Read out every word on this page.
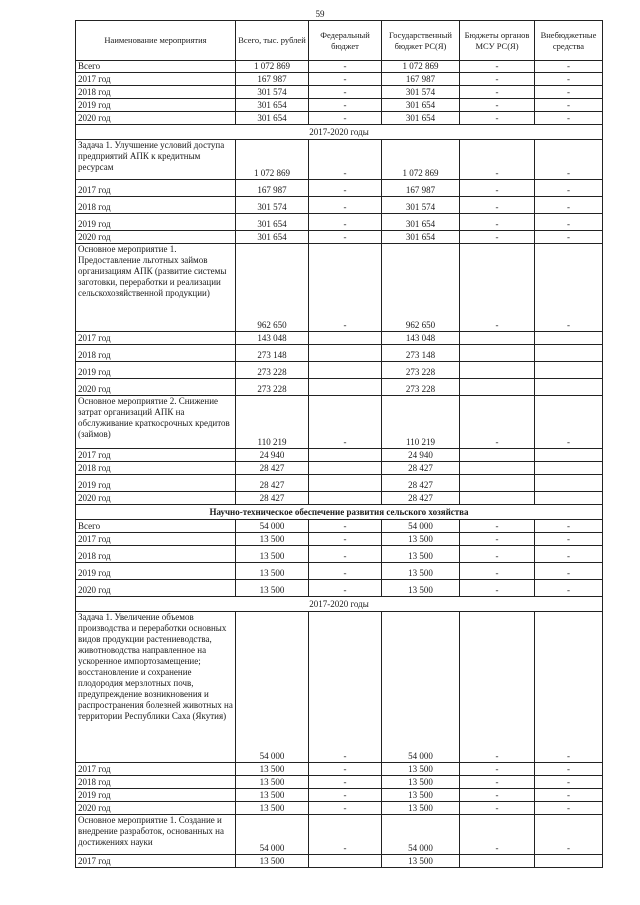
59
Наименование мероприятия	Всего, тыс. рублей	Федеральный бюджет	Государственный бюджет РС(Я)	Бюджеты органов МСУ РС(Я)	Внебюджетные средства
Всего	1 072 869	-	1 072 869	-	-
2017 год	167 987	-	167 987	-	-
2018 год	301 574	-	301 574	-	-
2019 год	301 654	-	301 654	-	-
2020 год	301 654	-	301 654	-	-
2017-2020 годы					
Задача 1. Улучшение условий доступа предприятий АПК к кредитным ресурсам	1 072 869	-	1 072 869	-	-
2017 год	167 987	-	167 987	-	-
2018 год	301 574	-	301 574	-	-
2019 год	301 654	-	301 654	-	-
2020 год	301 654	-	301 654	-	-
Основное мероприятие 1. Предоставление льготных займов организациям АПК (развитие системы заготовки, переработки и реализации сельскохозяйственной продукции)	962 650	-	962 650	-	-
2017 год	143 048		143 048		
2018 год	273 148		273 148		
2019 год	273 228		273 228		
2020 год	273 228		273 228		
Основное мероприятие 2. Снижение затрат организаций АПК на обслуживание краткосрочных кредитов (займов)	110 219	-	110 219	-	-
2017 год	24 940		24 940		
2018 год	28 427		28 427		
2019 год	28 427		28 427		
2020 год	28 427		28 427		
Научно-техническое обеспечение развития сельского хозяйства					
Всего	54 000	-	54 000	-	-
2017 год	13 500	-	13 500	-	-
2018 год	13 500	-	13 500	-	-
2019 год	13 500	-	13 500	-	-
2020 год	13 500	-	13 500	-	-
2017-2020 годы					
Задача 1. Увеличение объемов производства и переработки основных видов продукции растениеводства, животноводства направленное на ускоренное импортозамещение; восстановление и сохранение плодородия мерзлотных почв, предупреждение возникновения и распространения болезней животных на территории Республики Саха (Якутия)	54 000	-	54 000	-	-
2017 год	13 500	-	13 500	-	-
2018 год	13 500	-	13 500	-	-
2019 год	13 500	-	13 500	-	-
2020 год	13 500	-	13 500	-	-
Основное мероприятие 1. Создание и внедрение разработок, основанных на достижениях науки	54 000	-	54 000	-	-
2017 год	13 500		13 500		
